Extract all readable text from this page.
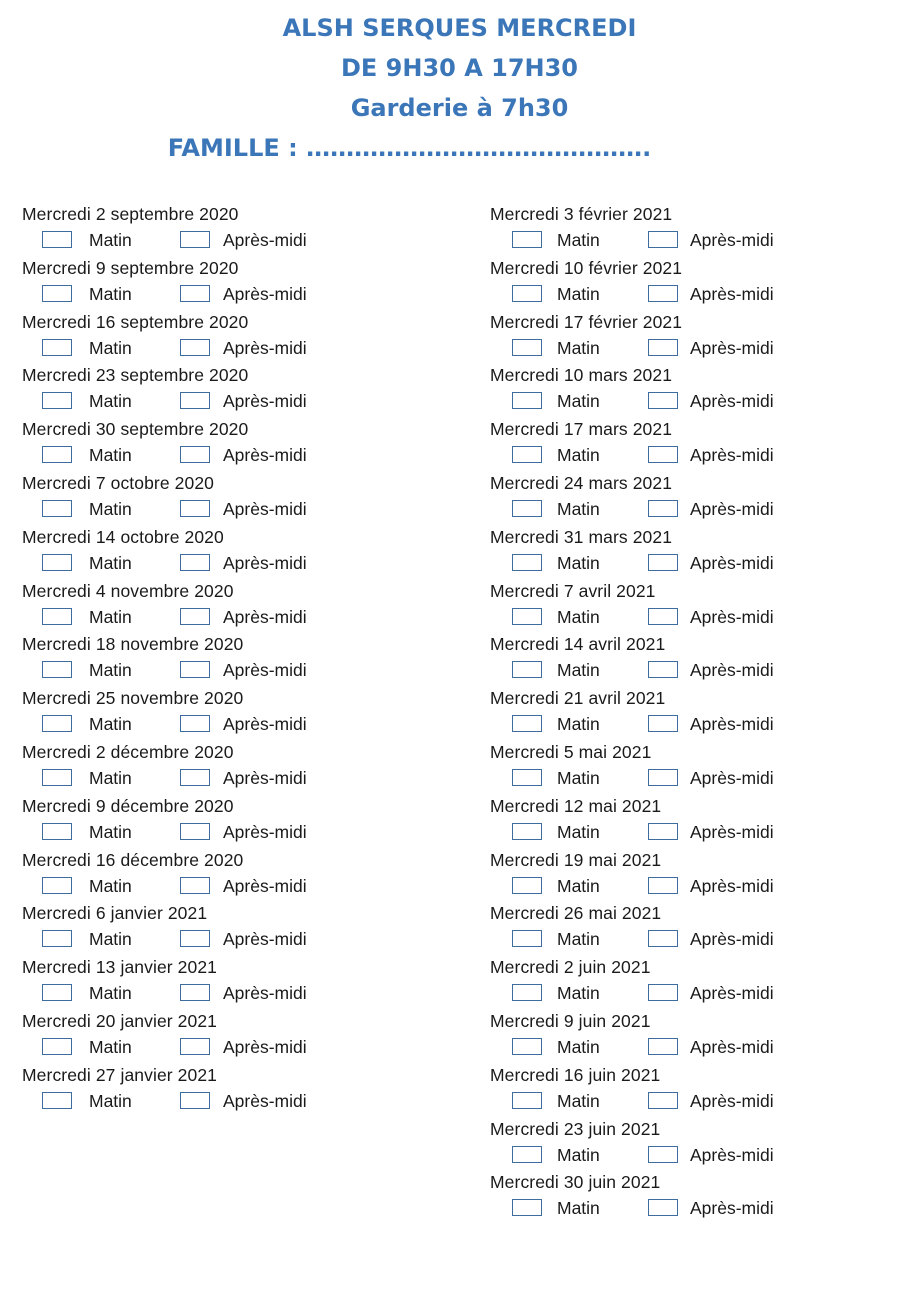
ALSH SERQUES MERCREDI
DE 9H30 A 17H30
Garderie à 7h30
FAMILLE : …………………………………….
Mercredi 2 septembre 2020
Matin	Après-midi
Mercredi 9 septembre 2020
Matin	Après-midi
Mercredi 16 septembre 2020
Matin	Après-midi
Mercredi 23 septembre 2020
Matin	Après-midi
Mercredi 30 septembre 2020
Matin	Après-midi
Mercredi 7 octobre 2020
Matin	Après-midi
Mercredi 14 octobre 2020
Matin	Après-midi
Mercredi 4 novembre 2020
Matin	Après-midi
Mercredi 18 novembre 2020
Matin	Après-midi
Mercredi 25 novembre 2020
Matin	Après-midi
Mercredi 2 décembre 2020
Matin	Après-midi
Mercredi 9 décembre 2020
Matin	Après-midi
Mercredi 16 décembre 2020
Matin	Après-midi
Mercredi 6 janvier 2021
Matin	Après-midi
Mercredi 13 janvier 2021
Matin	Après-midi
Mercredi 20 janvier 2021
Matin	Après-midi
Mercredi 27 janvier 2021
Matin	Après-midi
Mercredi 3 février 2021
Matin	Après-midi
Mercredi 10 février 2021
Matin	Après-midi
Mercredi 17 février 2021
Matin	Après-midi
Mercredi 10 mars 2021
Matin	Après-midi
Mercredi 17 mars 2021
Matin	Après-midi
Mercredi 24 mars 2021
Matin	Après-midi
Mercredi 31 mars 2021
Matin	Après-midi
Mercredi 7 avril 2021
Matin	Après-midi
Mercredi 14 avril 2021
Matin	Après-midi
Mercredi 21 avril 2021
Matin	Après-midi
Mercredi 5 mai 2021
Matin	Après-midi
Mercredi 12 mai 2021
Matin	Après-midi
Mercredi 19 mai 2021
Matin	Après-midi
Mercredi 26 mai 2021
Matin	Après-midi
Mercredi 2 juin 2021
Matin	Après-midi
Mercredi 9 juin 2021
Matin	Après-midi
Mercredi 16 juin 2021
Matin	Après-midi
Mercredi 23 juin 2021
Matin	Après-midi
Mercredi 30 juin 2021
Matin	Après-midi
